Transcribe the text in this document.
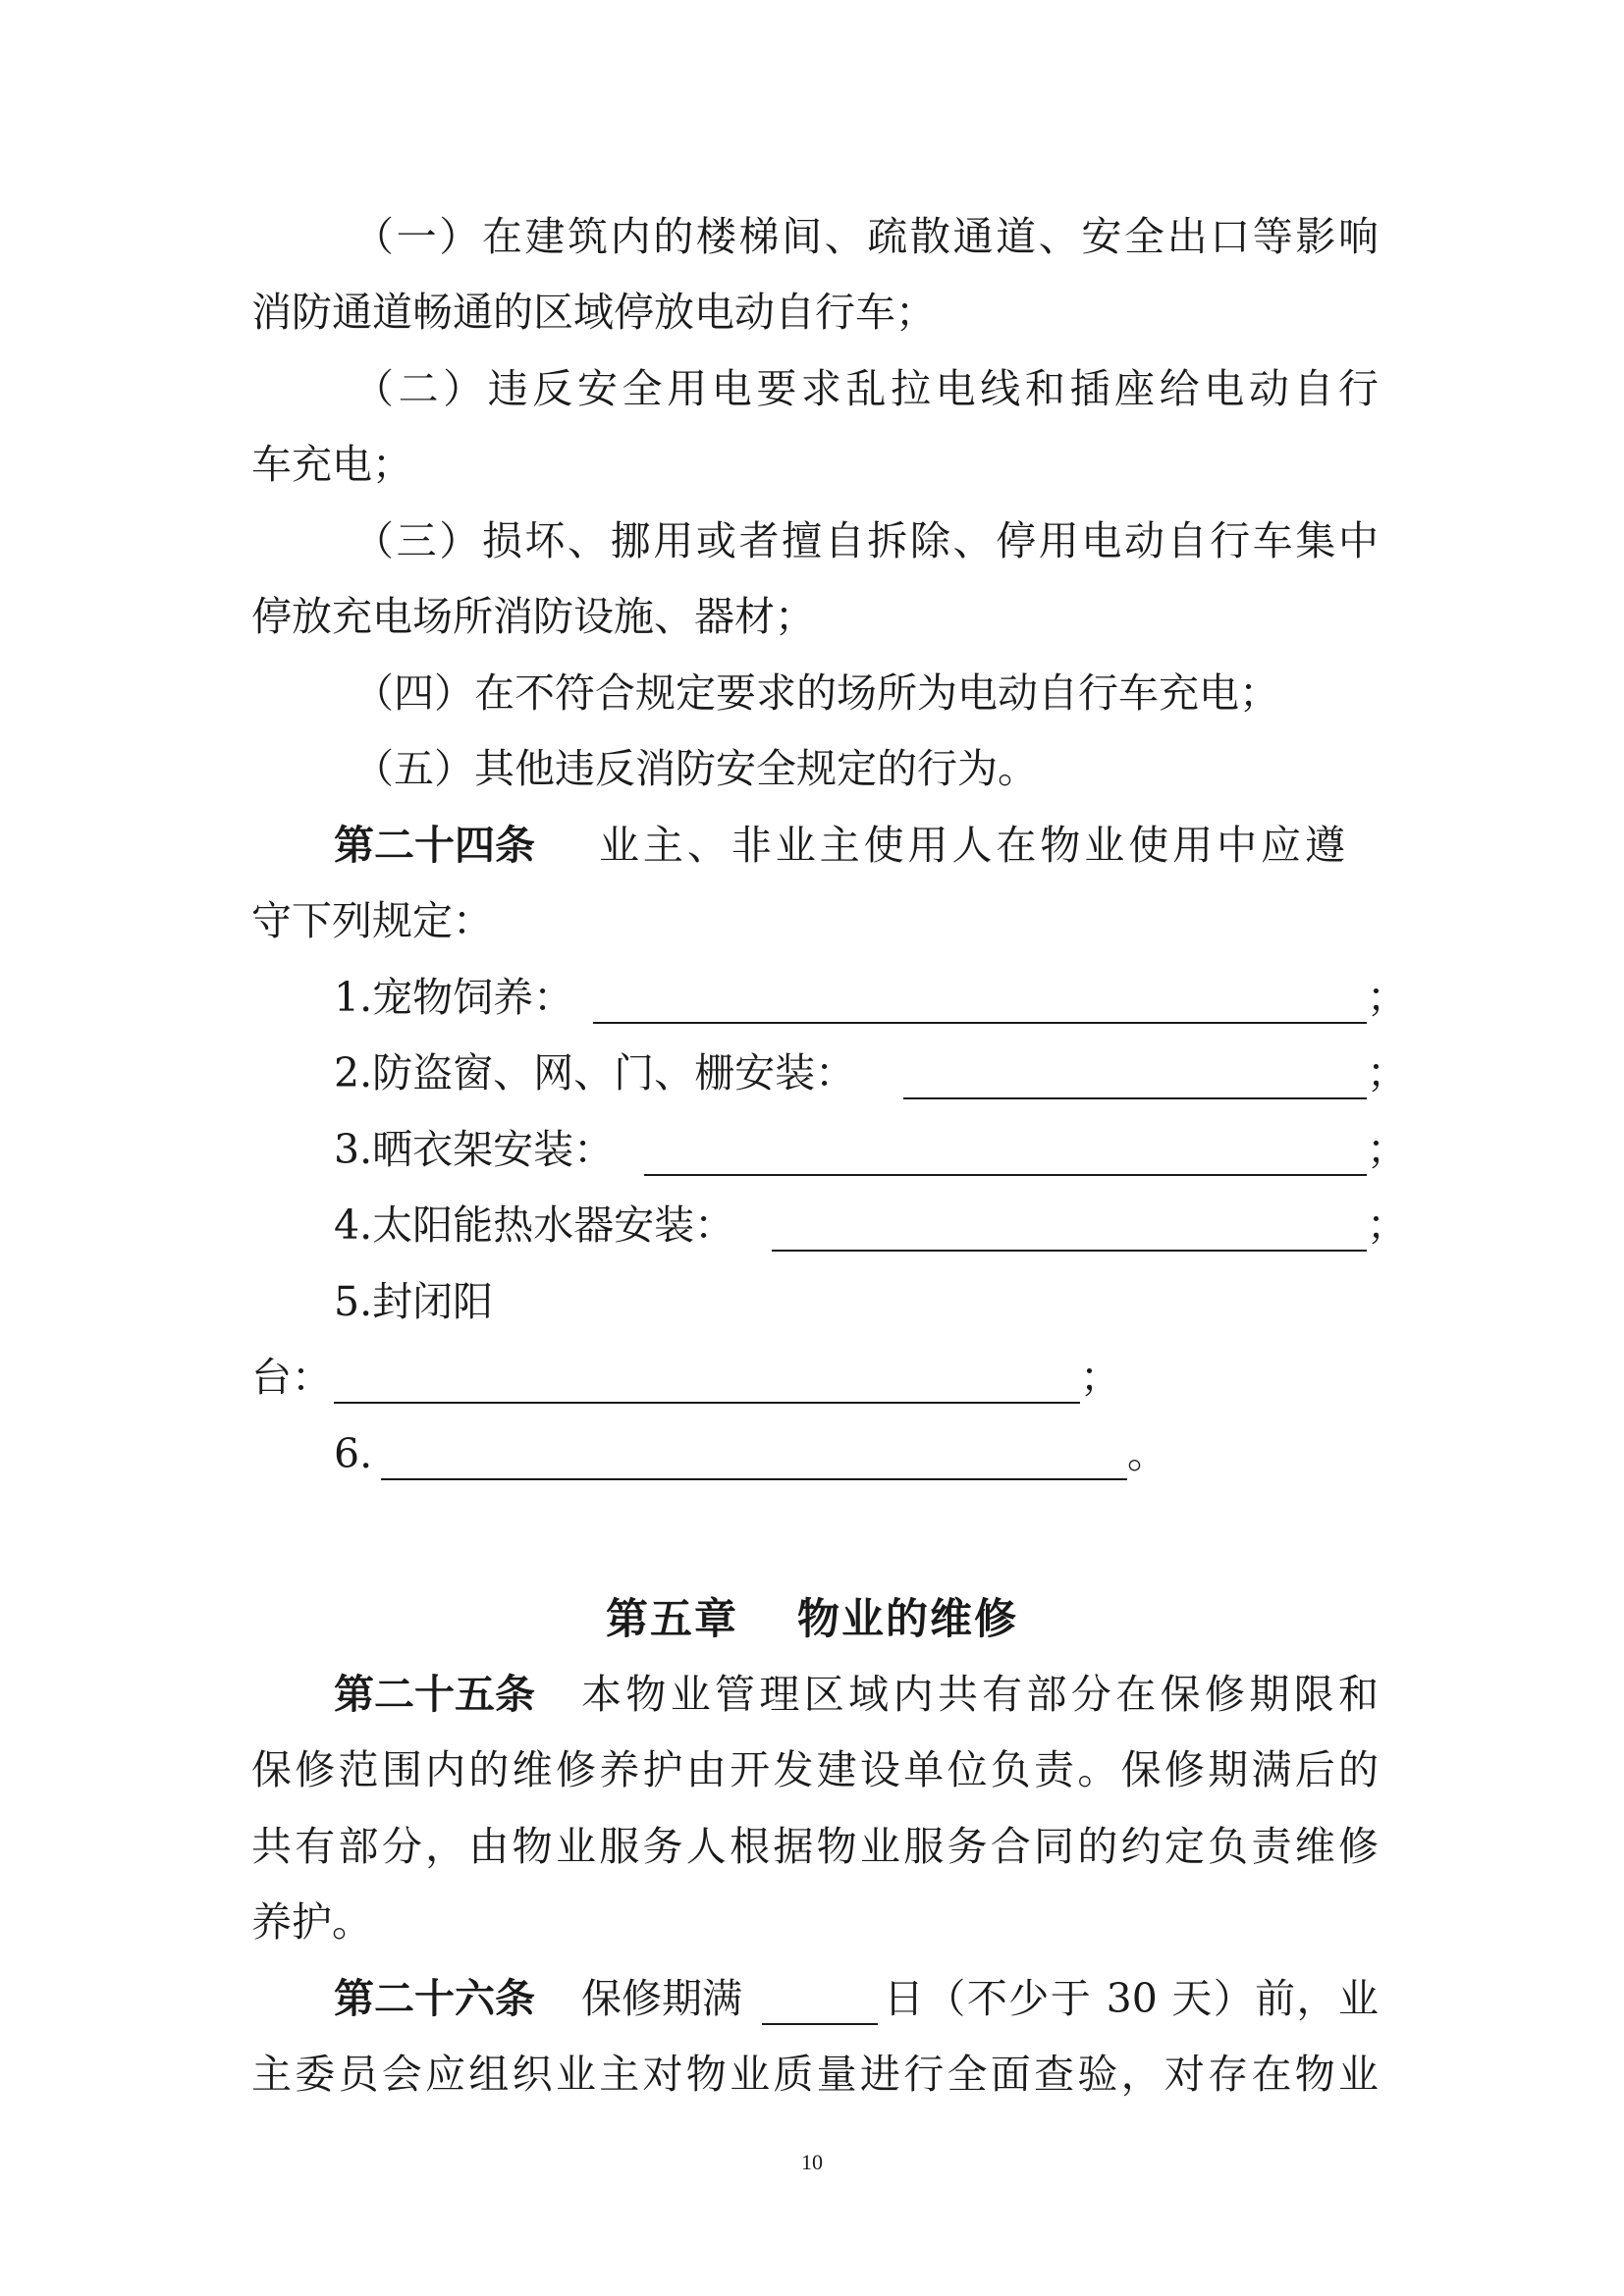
（一）在建筑内的楼梯间、疏散通道、安全出口等影响
消防通道畅通的区域停放电动自行车；
（二）违反安全用电要求乱拉电线和插座给电动自行
车充电；
（三）损坏、挪用或者擅自拆除、停用电动自行车集中
停放充电场所消防设施、器材；
（四）在不符合规定要求的场所为电动自行车充电；
（五）其他违反消防安全规定的行为。
第二十四条	业主、非业主使用人在物业使用中应遵
守下列规定：
1.宠物饲养：	；
2.防盗窗、网、门、栅安装：	；
3.晒衣架安装：	；
4.太阳能热水器安装：	；
5.封闭阳
台：	；
6.	。
第五章 物业的维修
第二十五条	本物业管理区域内共有部分在保修期限和
保修范围内的维修养护由开发建设单位负责。保修期满后的
共有部分，由物业服务人根据物业服务合同的约定负责维修
养护。
第二十六条	保修期满	日（不少于 30 天）前，业
主委员会应组织业主对物业质量进行全面查验，对存在物业
10
